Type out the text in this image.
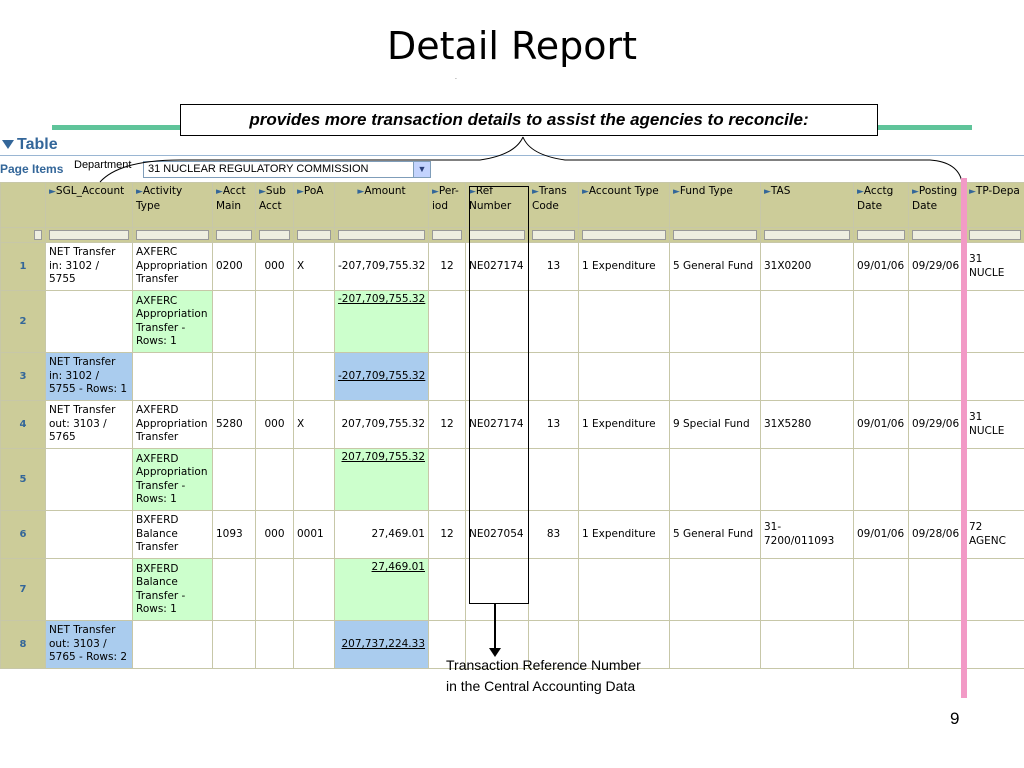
Detail Report
.
provides more transaction details to assist the agencies to reconcile:
Table
Page Items Department	31 NUCLEAR REGULATORY COMMISSION	▼
	►SGL_Account	►Activity Type	►Acct Main	►Sub Acct	►PoA	►Amount	►Per- iod	►Ref Number	►Trans Code	►Account Type	►Fund Type	►TAS	►Acctg Date	►Posting Date	►TP-Depa

1	NET Transfer in: 3102 / 5755	AXFERC Appropriation Transfer	0200	000	X	-207,709,755.32	12	NE027174	13	1 Expenditure	5 General Fund	31X0200	09/01/06	09/29/06	31 NUCLE
2		AXFERC Appropriation Transfer - Rows: 1				-207,709,755.32									
3	NET Transfer in: 3102 / 5755 - Rows: 1					-207,709,755.32									
4	NET Transfer out: 3103 / 5765	AXFERD Appropriation Transfer	5280	000	X	207,709,755.32	12	NE027174	13	1 Expenditure	9 Special Fund	31X5280	09/01/06	09/29/06	31 NUCLE
5		AXFERD Appropriation Transfer - Rows: 1				207,709,755.32									
6		BXFERD Balance Transfer	1093	000	0001	27,469.01	12	NE027054	83	1 Expenditure	5 General Fund	31-7200/011093	09/01/06	09/28/06	72 AGENC
7		BXFERD Balance Transfer - Rows: 1				27,469.01									
8	NET Transfer out: 3103 / 5765 - Rows: 2					207,737,224.33									
Transaction Reference Number in the Central Accounting Data
9
